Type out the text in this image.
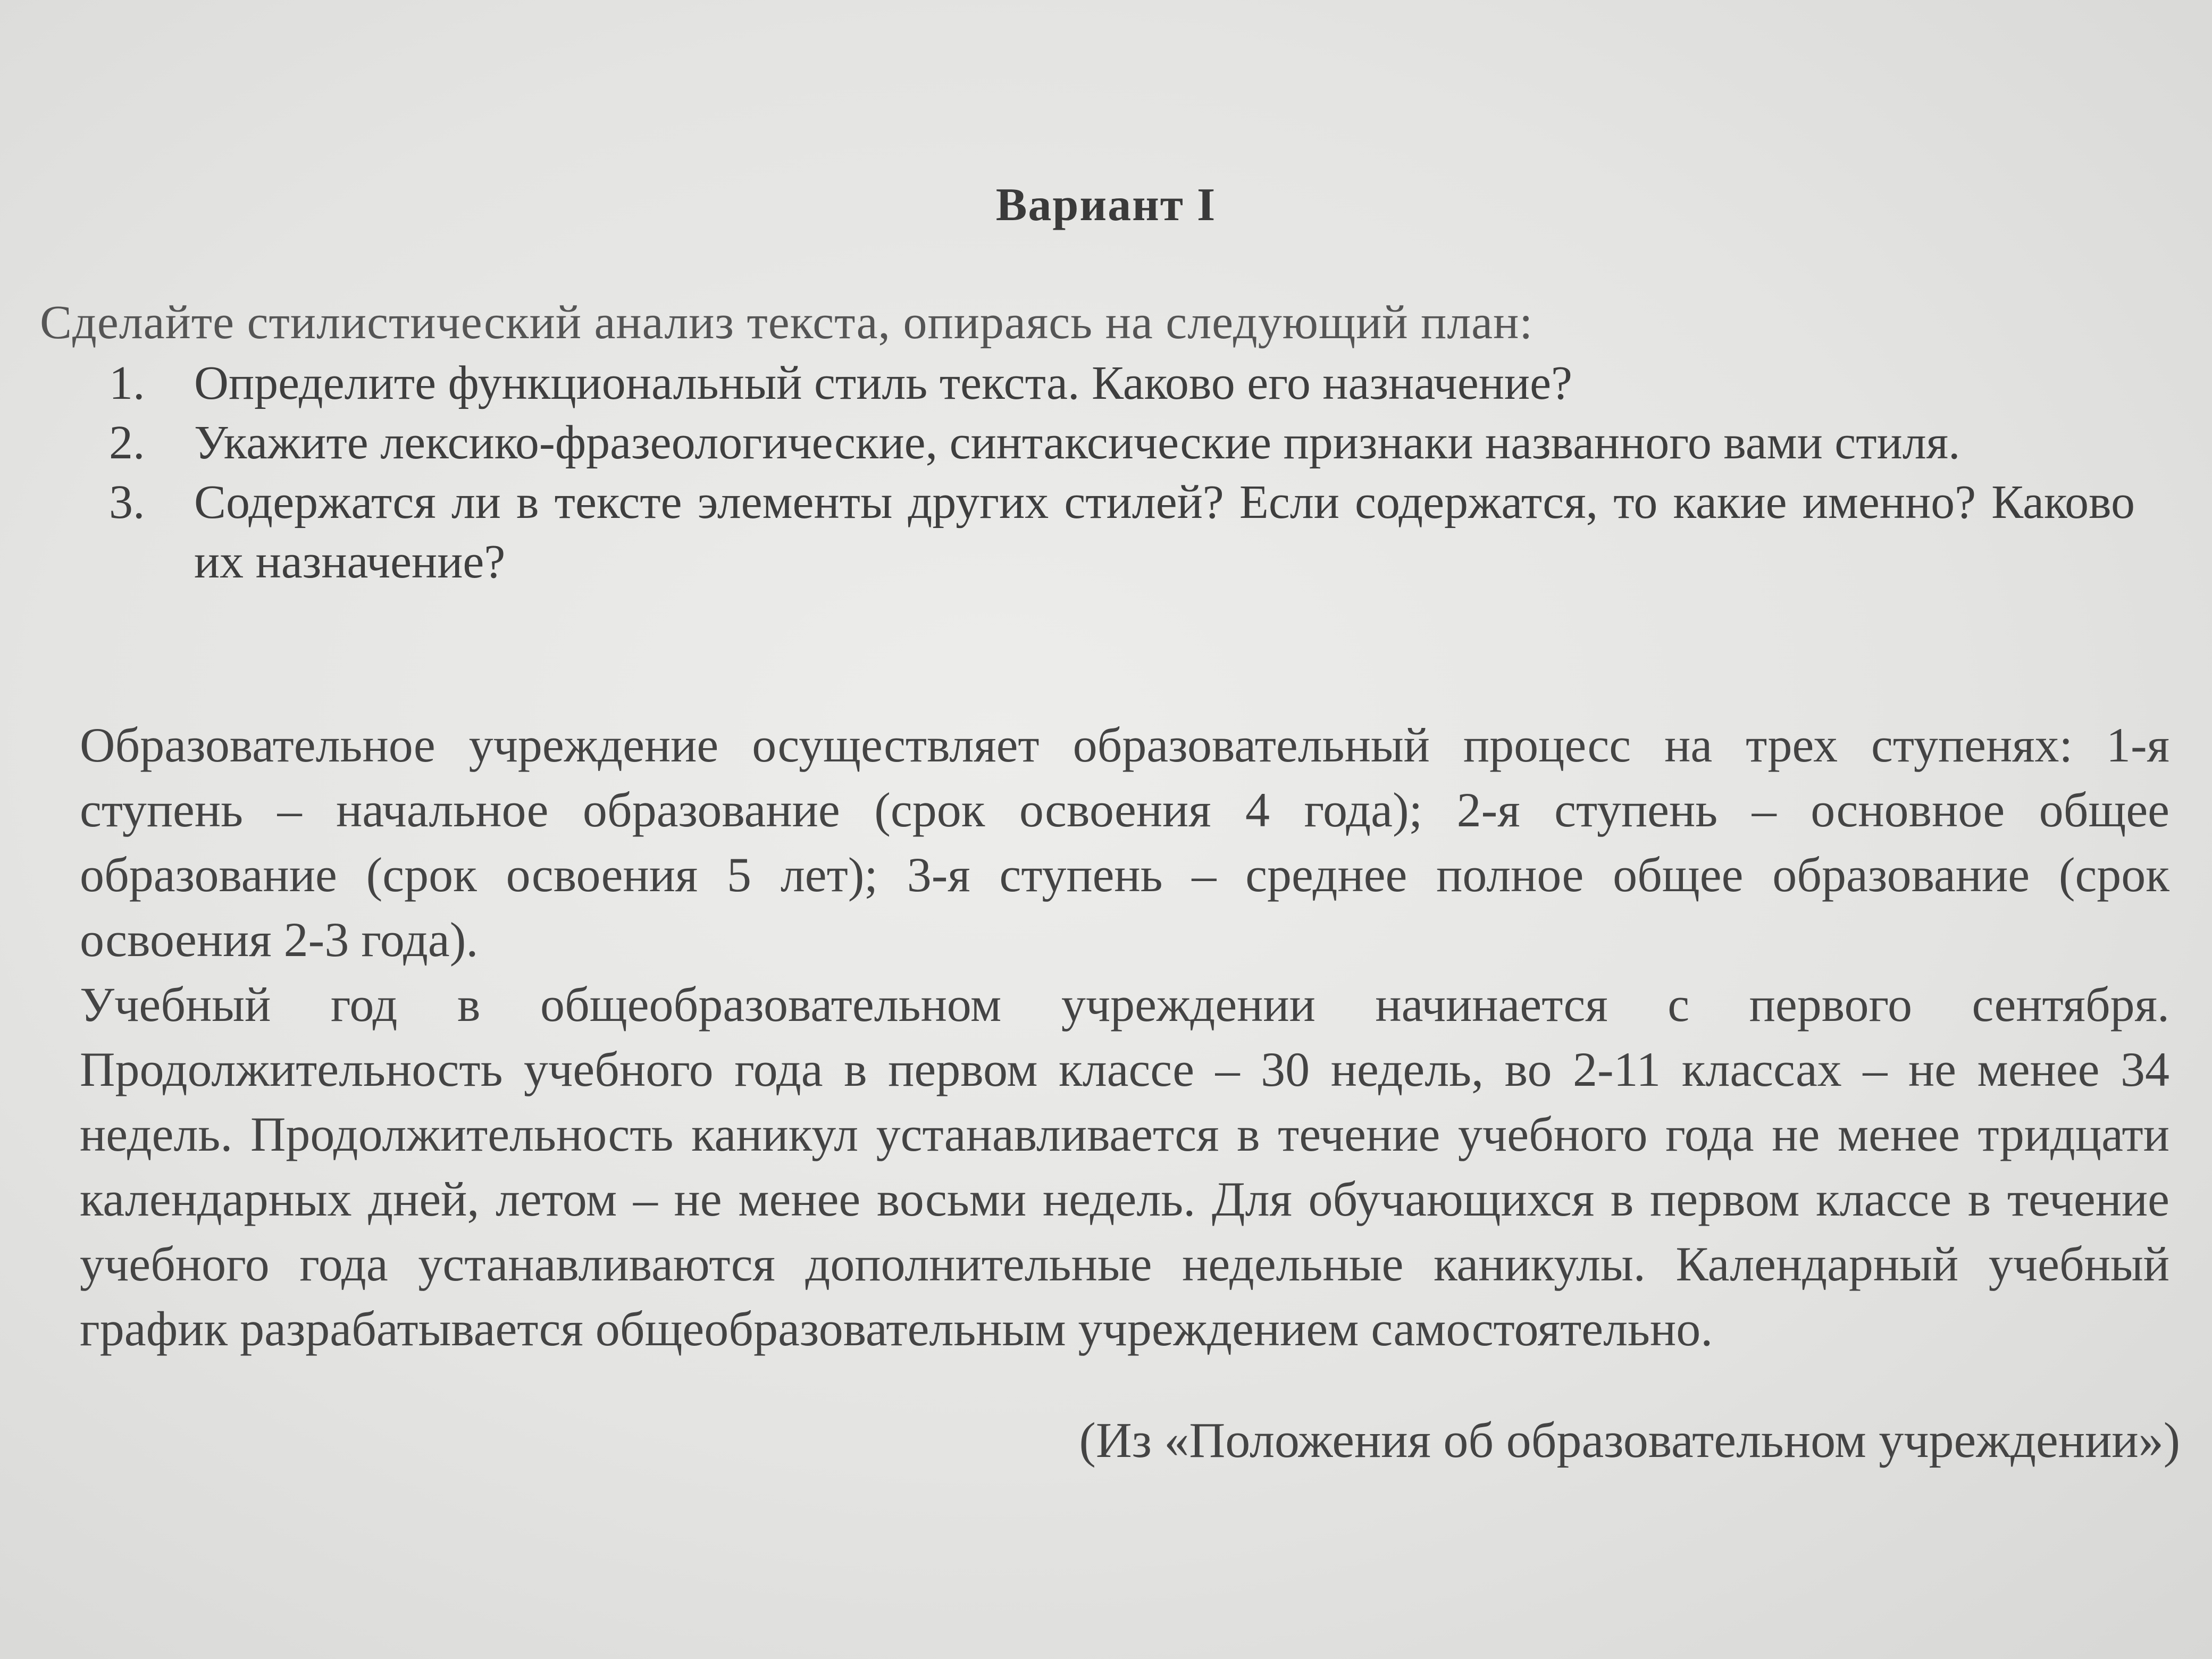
Вариант I
Сделайте стилистический анализ текста, опираясь на следующий план:
1. Определите функциональный стиль текста. Каково его назначение?
2. Укажите лексико-фразеологические, синтаксические признаки названного вами стиля.
3. Содержатся ли в тексте элементы других стилей? Если содержатся, то какие именно? Каково их назначение?

Образовательное учреждение осуществляет образовательный процесс на трех ступенях: 1-я ступень – начальное образование (срок освоения 4 года); 2-я ступень – основное общее образование (срок освоения 5 лет); 3-я ступень – среднее полное общее образование (срок освоения 2-3 года).

Учебный год в общеобразовательном учреждении начинается с первого сентября. Продолжительность учебного года в первом классе – 30 недель, во 2-11 классах – не менее 34 недель. Продолжительность каникул устанавливается в течение учебного года не менее тридцати календарных дней, летом – не менее восьми недель. Для обучающихся в первом классе в течение учебного года устанавливаются дополнительные недельные каникулы. Календарный учебный график разрабатывается общеобразовательным учреждением самостоятельно.

(Из «Положения об образовательном учреждении»)
